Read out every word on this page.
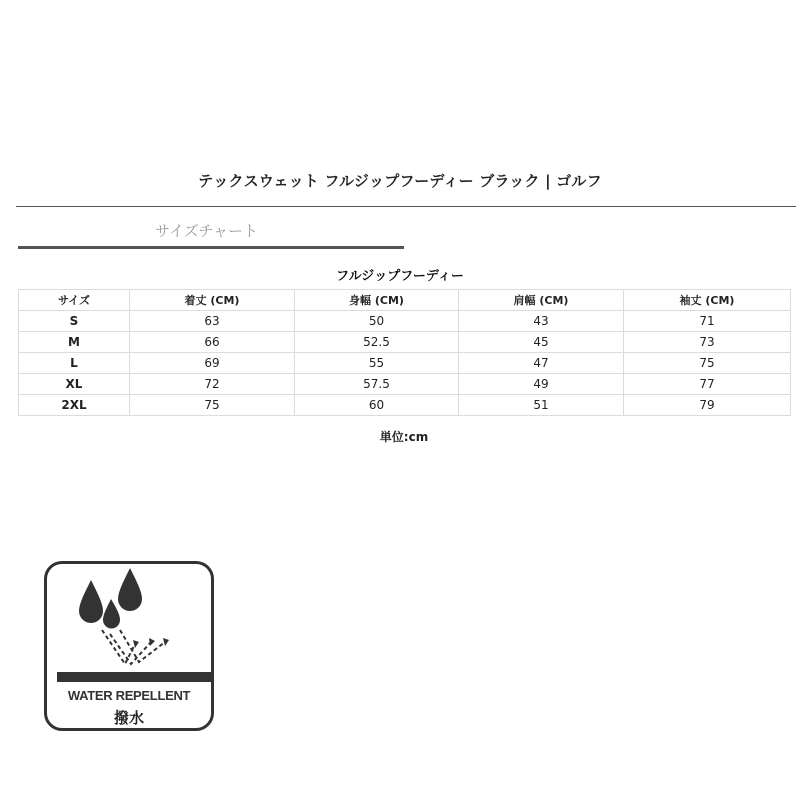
テックスウェット フルジップフーディー ブラック | ゴルフ
サイズチャート
フルジップフーディー
サイズ	着丈 (CM)	身幅 (CM)	肩幅 (CM)	袖丈 (CM)
S	63	50	43	71
M	66	52.5	45	73
L	69	55	47	75
XL	72	57.5	49	77
2XL	75	60	51	79
単位:cm
WATER REPELLENT
撥水
